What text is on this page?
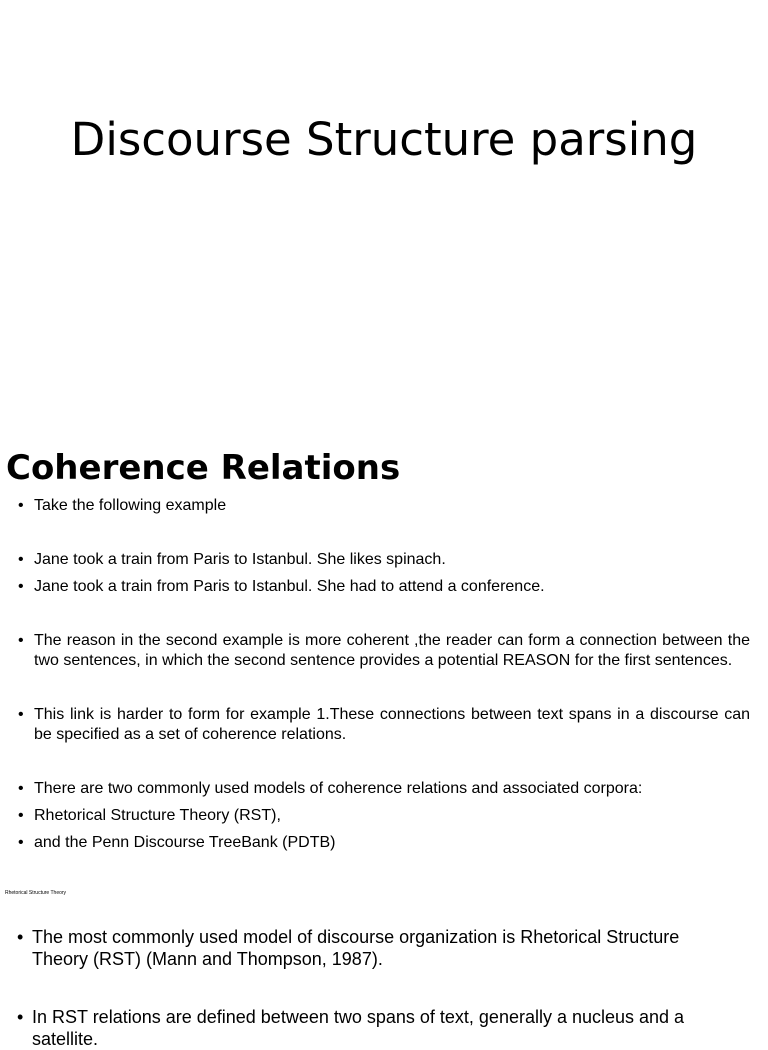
Discourse Structure parsing
Coherence Relations
• Take the following example
• Jane took a train from Paris to Istanbul. She likes spinach.
• Jane took a train from Paris to Istanbul. She had to attend a conference.
• The reason in the second example is more coherent ,the reader can form a connection between the two sentences, in which the second sentence provides a potential REASON for the first sentences.
• This link is harder to form for example 1.These connections between text spans in a discourse can be specified as a set of coherence relations.
• There are two commonly used models of coherence relations and associated corpora:
• Rhetorical Structure Theory (RST),
• and the Penn Discourse TreeBank (PDTB)
Rhetorical Structure Theory
• The most commonly used model of discourse organization is Rhetorical Structure Theory (RST) (Mann and Thompson, 1987).
• In RST relations are defined between two spans of text, generally a nucleus and a satellite.
